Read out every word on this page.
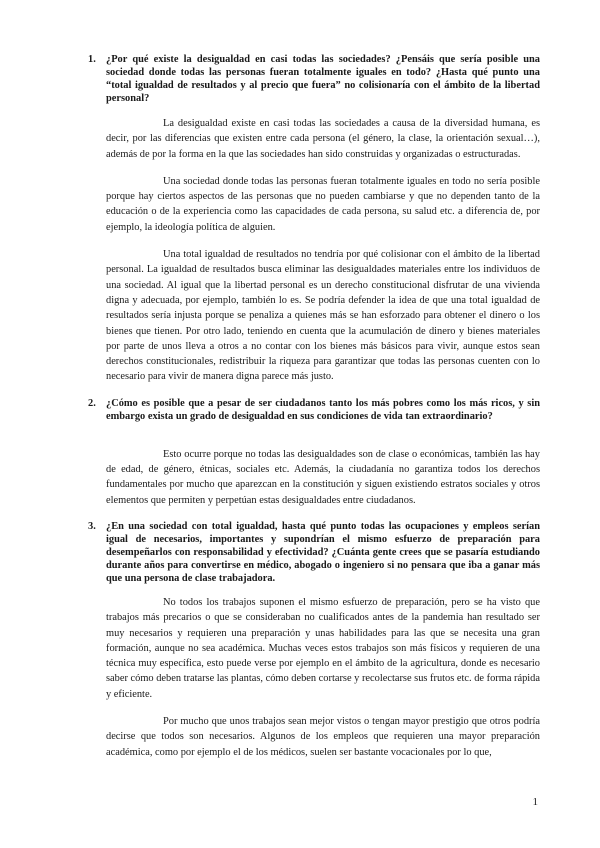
1. ¿Por qué existe la desigualdad en casi todas las sociedades? ¿Pensáis que sería posible una sociedad donde todas las personas fueran totalmente iguales en todo? ¿Hasta qué punto una “total igualdad de resultados y al precio que fuera” no colisionaría con el ámbito de la libertad personal?

La desigualdad existe en casi todas las sociedades a causa de la diversidad humana, es decir, por las diferencias que existen entre cada persona (el género, la clase, la orientación sexual…), además de por la forma en la que las sociedades han sido construidas y organizadas o estructuradas.

Una sociedad donde todas las personas fueran totalmente iguales en todo no sería posible porque hay ciertos aspectos de las personas que no pueden cambiarse y que no dependen tanto de la educación o de la experiencia como las capacidades de cada persona, su salud etc. a diferencia de, por ejemplo, la ideología política de alguien.

Una total igualdad de resultados no tendría por qué colisionar con el ámbito de la libertad personal. La igualdad de resultados busca eliminar las desigualdades materiales entre los individuos de una sociedad. Al igual que la libertad personal es un derecho constitucional disfrutar de una vivienda digna y adecuada, por ejemplo, también lo es. Se podría defender la idea de que una total igualdad de resultados sería injusta porque se penaliza a quienes más se han esforzado para obtener el dinero o los bienes que tienen. Por otro lado, teniendo en cuenta que la acumulación de dinero y bienes materiales por parte de unos lleva a otros a no contar con los bienes más básicos para vivir, aunque estos sean derechos constitucionales, redistribuir la riqueza para garantizar que todas las personas cuenten con lo necesario para vivir de manera digna parece más justo.

2. ¿Cómo es posible que a pesar de ser ciudadanos tanto los más pobres como los más ricos, y sin embargo exista un grado de desigualdad en sus condiciones de vida tan extraordinario?

Esto ocurre porque no todas las desigualdades son de clase o económicas, también las hay de edad, de género, étnicas, sociales etc. Además, la ciudadanía no garantiza todos los derechos fundamentales por mucho que aparezcan en la constitución y siguen existiendo estratos sociales y otros elementos que permiten y perpetúan estas desigualdades entre ciudadanos.

3. ¿En una sociedad con total igualdad, hasta qué punto todas las ocupaciones y empleos serían igual de necesarios, importantes y supondrían el mismo esfuerzo de preparación para desempeñarlos con responsabilidad y efectividad? ¿Cuánta gente crees que se pasaría estudiando durante años para convertirse en médico, abogado o ingeniero si no pensara que iba a ganar más que una persona de clase trabajadora.

No todos los trabajos suponen el mismo esfuerzo de preparación, pero se ha visto que trabajos más precarios o que se consideraban no cualificados antes de la pandemia han resultado ser muy necesarios y requieren una preparación y unas habilidades para las que se necesita una gran formación, aunque no sea académica. Muchas veces estos trabajos son más físicos y requieren de una técnica muy específica, esto puede verse por ejemplo en el ámbito de la agricultura, donde es necesario saber cómo deben tratarse las plantas, cómo deben cortarse y recolectarse sus frutos etc. de forma rápida y eficiente.

Por mucho que unos trabajos sean mejor vistos o tengan mayor prestigio que otros podría decirse que todos son necesarios. Algunos de los empleos que requieren una mayor preparación académica, como por ejemplo el de los médicos, suelen ser bastante vocacionales por lo que,

1
